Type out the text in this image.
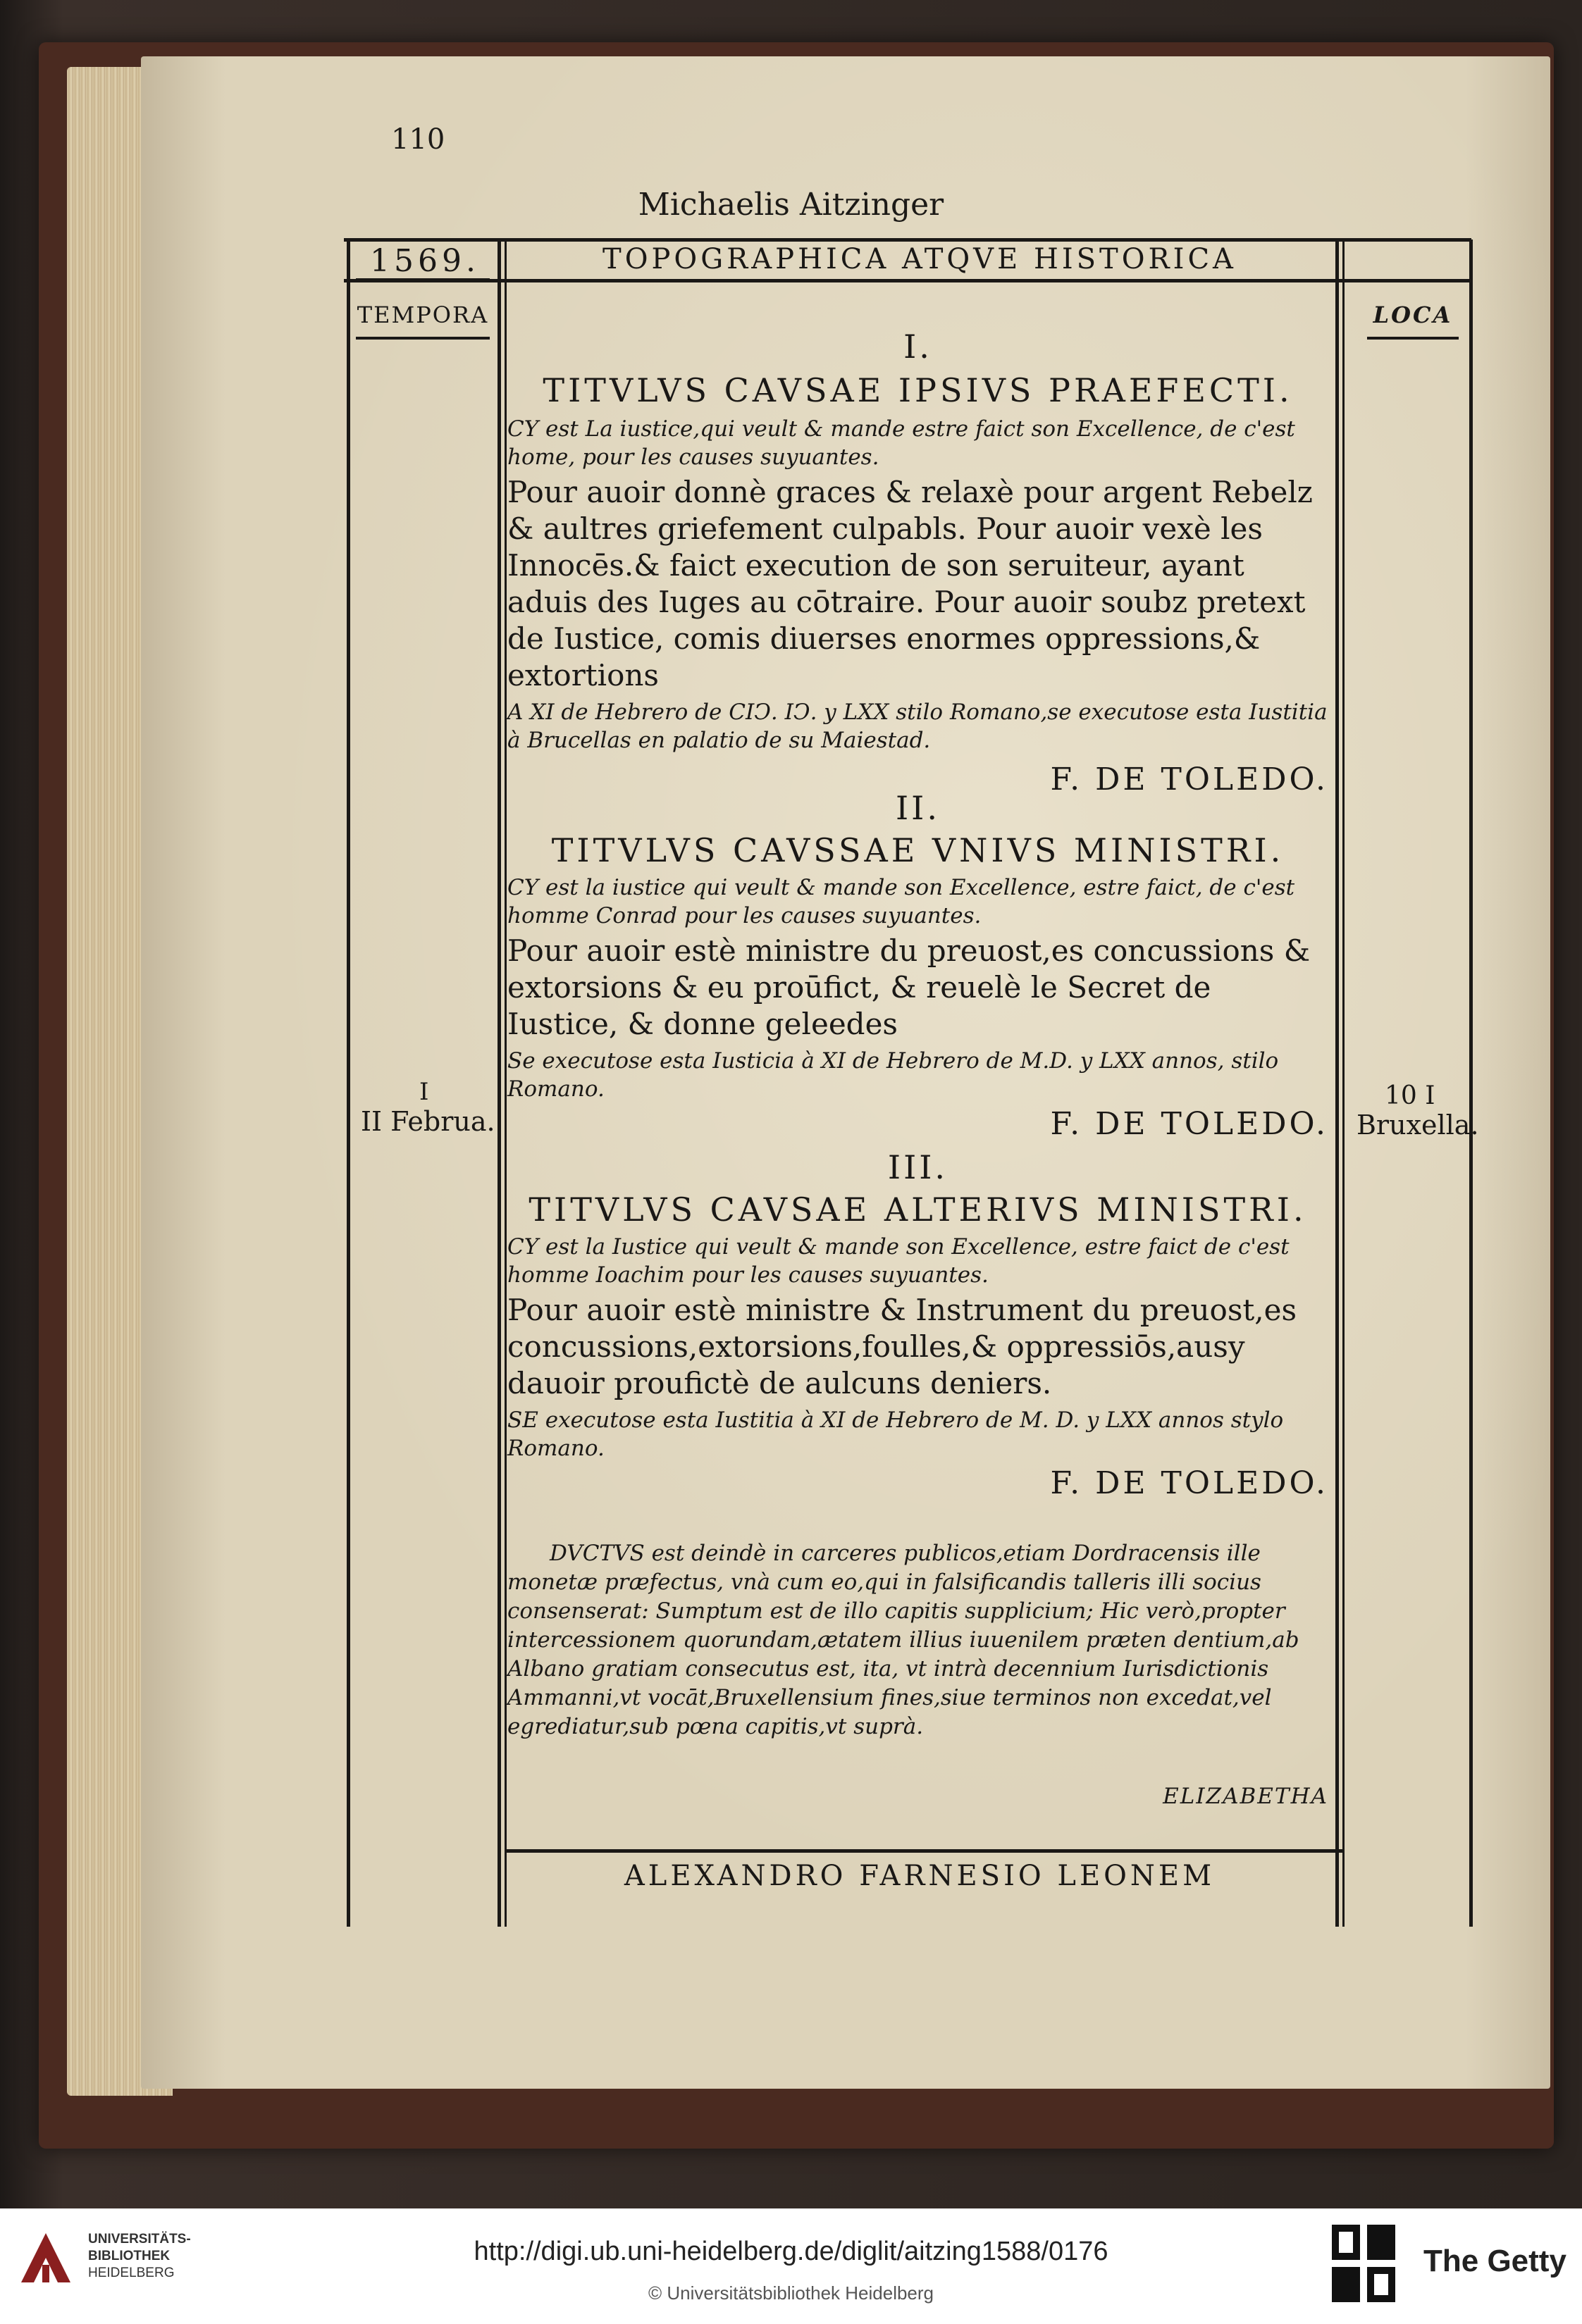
110
Michaelis Aitzinger
1569.	TOPOGRAPHICA ATQVE HISTORICA
TEMPORA	LOCA
I
II Februa.
10 I
Bruxella.
I.
TITVLVS CAVSAE IPSIVS PRAEFECTI.
CY est La iustice,qui veult & mande estre faict son Excellence, de c'est home, pour les causes suyuantes.
Pour auoir donnè graces & relaxè pour argent Rebelz & aultres griefement culpabls. Pour auoir vexè les Innocēs.& faict execution de son seruiteur, ayant aduis des Iuges au cōtraire. Pour auoir soubz pretext de Iustice, comis diuerses enormes oppressions,& extortions
A XI de Hebrero de CIↃ. IↃ. y LXX stilo Romano,se executose esta Iustitia à Brucellas en palatio de su Maiestad.
F. DE TOLEDO.
II.
TITVLVS CAVSSAE VNIVS MINISTRI.
CY est la iustice qui veult & mande son Excellence, estre faict, de c'est homme Conrad pour les causes suyuantes.
Pour auoir estè ministre du preuost,es concussions & extorsions & eu proūfict, & reuelè le Secret de Iustice, & donne geleedes
Se executose esta Iusticia à XI de Hebrero de M.D. y LXX annos, stilo Romano.
F. DE TOLEDO.
III.
TITVLVS CAVSAE ALTERIVS MINISTRI.
CY est la Iustice qui veult & mande son Excellence, estre faict de c'est homme Ioachim pour les causes suyuantes.
Pour auoir estè ministre & Instrument du preuost,es concussions,extorsions,foulles,& oppressiōs,ausy dauoir proufictè de aulcuns deniers.
SE executose esta Iustitia à XI de Hebrero de M. D. y LXX annos stylo Romano.
F. DE TOLEDO.
DVCTVS est deindè in carceres publicos,etiam Dordracensis ille monetæ præfectus, vnà cum eo,qui in falsificandis talleris illi socius consenserat: Sumptum est de illo capitis supplicium; Hic verò,propter intercessionem quorundam,ætatem illius iuuenilem præten dentium,ab Albano gratiam consecutus est, ita, vt intrà decennium Iurisdictionis Ammanni,vt vocāt,Bruxellensium fines,siue terminos non excedat,vel egrediatur,sub pœna capitis,vt suprà.
ELIZABETHA
ALEXANDRO FARNESIO LEONEM
UNIVERSITÄTS-
BIBLIOTHEK
HEIDELBERG
http://digi.ub.uni-heidelberg.de/diglit/aitzing1588/0176
© Universitätsbibliothek Heidelberg
The Getty
